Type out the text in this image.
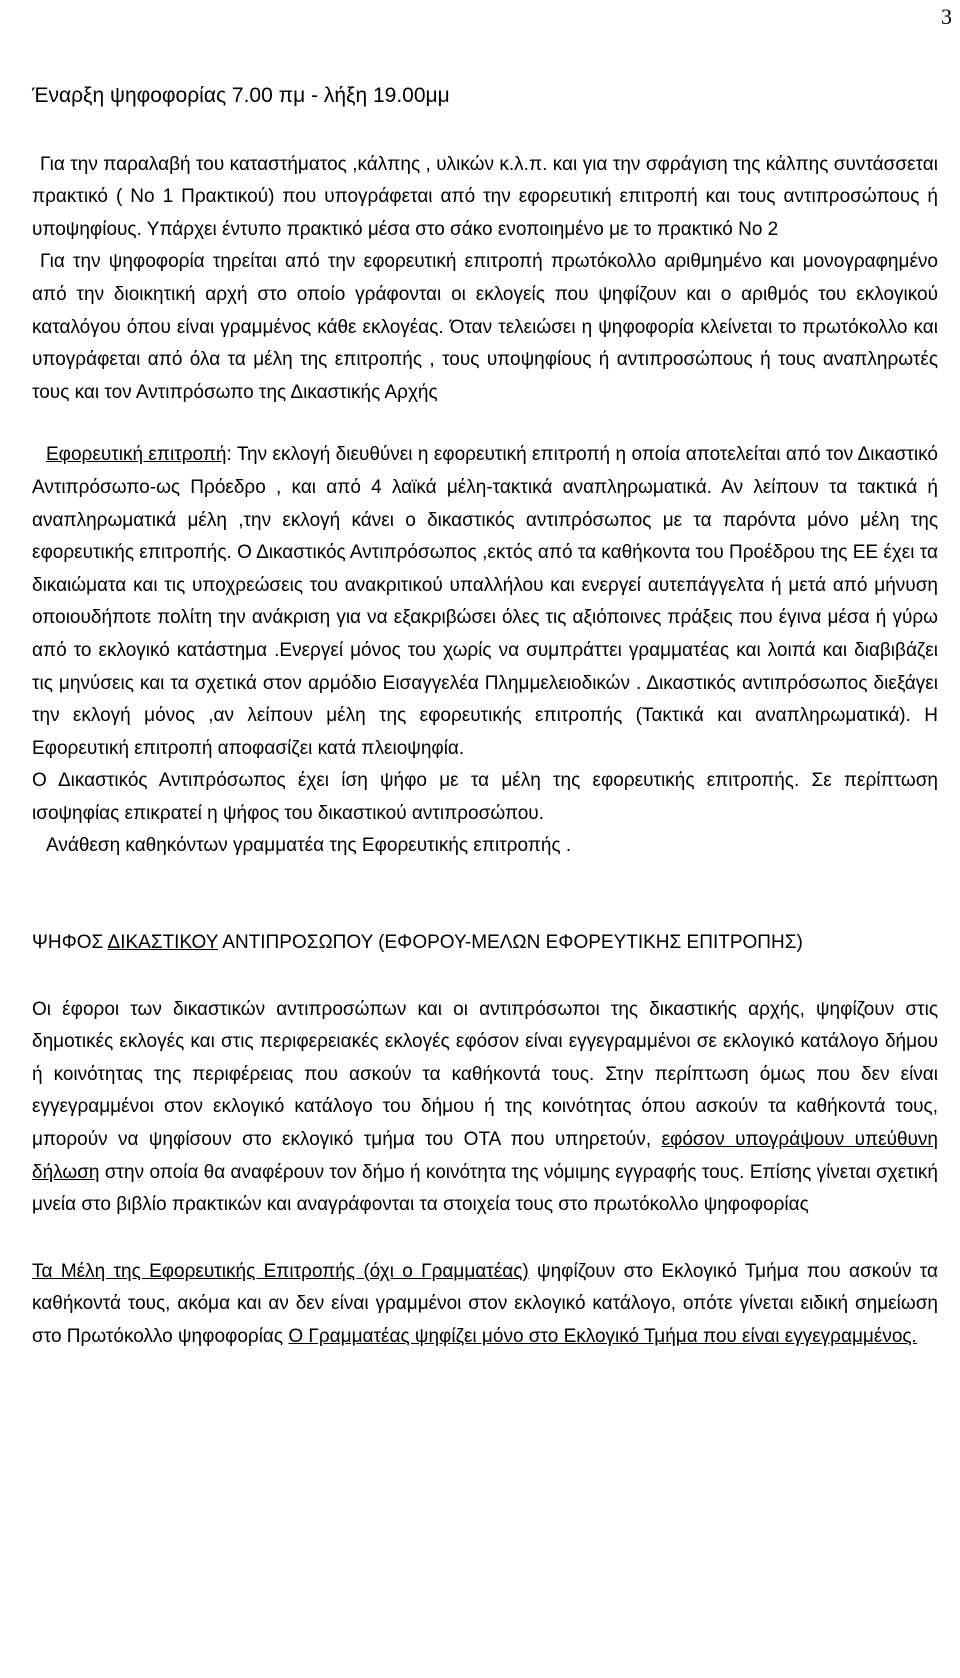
3
Έναρξη ψηφοφορίας 7.00 πμ - λήξη 19.00μμ

Για την παραλαβή του καταστήματος ,κάλπης , υλικών κ.λ.π. και για την σφράγιση της κάλπης συντάσσεται πρακτικό ( Νο 1 Πρακτικού) που υπογράφεται από την εφορευτική επιτροπή και τους αντιπροσώπους ή υποψηφίους. Υπάρχει έντυπο πρακτικό μέσα στο σάκο ενοποιημένο με το πρακτικό Νο 2

Για την ψηφοφορία τηρείται από την εφορευτική επιτροπή πρωτόκολλο αριθμημένο και μονογραφημένο από την διοικητική αρχή στο οποίο γράφονται οι εκλογείς που ψηφίζουν και ο αριθμός του εκλογικού καταλόγου όπου είναι γραμμένος κάθε εκλογέας. Όταν τελειώσει η ψηφοφορία κλείνεται το πρωτόκολλο και υπογράφεται από όλα τα μέλη της επιτροπής , τους υποψηφίους ή αντιπροσώπους ή τους αναπληρωτές τους και τον Αντιπρόσωπο της Δικαστικής Αρχής

Εφορευτική επιτροπή: Την εκλογή διευθύνει η εφορευτική επιτροπή η οποία αποτελείται από τον Δικαστικό Αντιπρόσωπο-ως Πρόεδρο , και από 4 λαϊκά μέλη-τακτικά αναπληρωματικά. Αν λείπουν τα τακτικά ή αναπληρωματικά μέλη ,την εκλογή κάνει ο δικαστικός αντιπρόσωπος με τα παρόντα μόνο μέλη της εφορευτικής επιτροπής. Ο Δικαστικός Αντιπρόσωπος ,εκτός από τα καθήκοντα του Προέδρου της ΕΕ έχει τα δικαιώματα και τις υποχρεώσεις του ανακριτικού υπαλλήλου και ενεργεί αυτεπάγγελτα ή μετά από μήνυση οποιουδήποτε πολίτη την ανάκριση για να εξακριβώσει όλες τις αξιόποινες πράξεις που έγινα μέσα ή γύρω από το εκλογικό κατάστημα .Ενεργεί μόνος του χωρίς να συμπράττει γραμματέας και λοιπά και διαβιβάζει τις μηνύσεις και τα σχετικά στον αρμόδιο Εισαγγελέα Πλημμελειοδικών . Δικαστικός αντιπρόσωπος διεξάγει την εκλογή μόνος ,αν λείπουν μέλη της εφορευτικής επιτροπής (Τακτικά και αναπληρωματικά). Η Εφορευτική επιτροπή αποφασίζει κατά πλειοψηφία.

Ο Δικαστικός Αντιπρόσωπος έχει ίση ψήφο με τα μέλη της εφορευτικής επιτροπής. Σε περίπτωση ισοψηφίας επικρατεί η ψήφος του δικαστικού αντιπροσώπου.

Ανάθεση καθηκόντων γραμματέα της Εφορευτικής επιτροπής .

ΨΗΦΟΣ ΔΙΚΑΣΤΙΚΟΥ ΑΝΤΙΠΡΟΣΩΠΟΥ (ΕΦΟΡΟΥ-ΜΕΛΩΝ ΕΦΟΡΕΥΤΙΚΗΣ ΕΠΙΤΡΟΠΗΣ)

Οι έφοροι των δικαστικών αντιπροσώπων και οι αντιπρόσωποι της δικαστικής αρχής, ψηφίζουν στις δημοτικές εκλογές και στις περιφερειακές εκλογές εφόσον είναι εγγεγραμμένοι σε εκλογικό κατάλογο δήμου ή κοινότητας της περιφέρειας που ασκούν τα καθήκοντά τους. Στην περίπτωση όμως που δεν είναι εγγεγραμμένοι στον εκλογικό κατάλογο του δήμου ή της κοινότητας όπου ασκούν τα καθήκοντά τους, μπορούν να ψηφίσουν στο εκλογικό τμήμα του ΟΤΑ που υπηρετούν, εφόσον υπογράψουν υπεύθυνη δήλωση στην οποία θα αναφέρουν τον δήμο ή κοινότητα της νόμιμης εγγραφής τους. Επίσης γίνεται σχετική μνεία στο βιβλίο πρακτικών και αναγράφονται τα στοιχεία τους στο πρωτόκολλο ψηφοφορίας

Τα Μέλη της Εφορευτικής Επιτροπής (όχι ο Γραμματέας) ψηφίζουν στο Εκλογικό Τμήμα που ασκούν τα καθήκοντά τους, ακόμα και αν δεν είναι γραμμένοι στον εκλογικό κατάλογο, οπότε γίνεται ειδική σημείωση στο Πρωτόκολλο ψηφοφορίας Ο Γραμματέας ψηφίζει μόνο στο Εκλογικό Τμήμα που είναι εγγεγραμμένος.
